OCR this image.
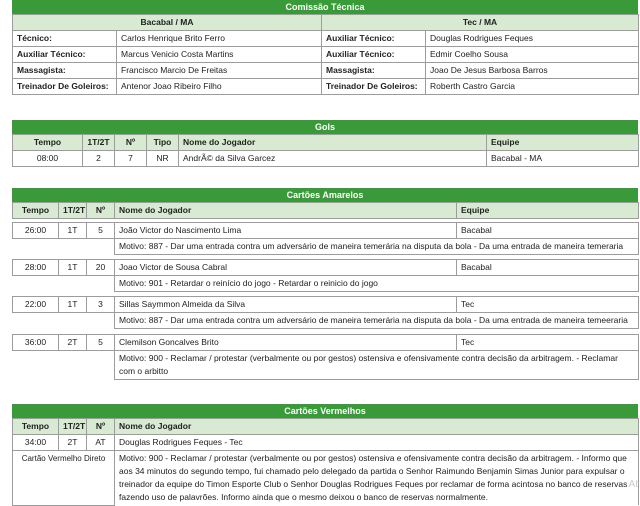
Comissão Técnica
Bacabal / MA		Tec / MA	
Técnico:	Carlos Henrique Brito Ferro	Auxiliar Técnico:	Douglas Rodrigues Feques
Auxiliar Técnico:	Marcus Venicio Costa Martins	Auxiliar Técnico:	Edmir Coelho Sousa
Massagista:	Francisco Marcio De Freitas	Massagista:	Joao De Jesus Barbosa Barros
Treinador De Goleiros:	Antenor Joao Ribeiro Filho	Treinador De Goleiros:	Roberth Castro Garcia
Gols
Tempo	1T/2T	Nº	Tipo	Nome do Jogador	Equipe
08:00	2	7	NR	AndrÃ© da Silva Garcez	Bacabal - MA
Cartões Amarelos
Tempo	1T/2T	Nº	Nome do Jogador	Equipe
26:00	1T	5	João Victor do Nascimento Lima	Bacabal
			Motivo: 887 - Dar uma entrada contra um adversário de maneira temerária na disputa da bola - Da uma entrada de maneira temeraria	
28:00	1T	20	Joao Victor de Sousa Cabral	Bacabal
			Motivo: 901 - Retardar o reinício do jogo - Retardar o reinicio do jogo	
22:00	1T	3	Sillas Saymmon Almeida da Silva	Tec
			Motivo: 887 - Dar uma entrada contra um adversário de maneira temerária na disputa da bola - Da uma entrada de maneira temeeraria	
36:00	2T	5	Clemilson Goncalves Brito	Tec
			Motivo: 900 - Reclamar / protestar (verbalmente ou por gestos) ostensiva e ofensivamente contra decisão da arbitragem. - Reclamar com o arbitto	
Cartões Vermelhos
Tempo	1T/2T	Nº	Nome do Jogador
34:00	2T	AT	Douglas Rodrigues Feques - Tec
Cartão Vermelho Direto			Motivo: 900 - Reclamar / protestar (verbalmente ou por gestos) ostensiva e ofensivamente contra decisão da arbitragem. - Informo que aos 34 minutos do segundo tempo, fui chamado pelo delegado da partida o Senhor Raimundo Benjamin Simas Junior para expulsar o treinador da equipe do Timon Esporte Club o Senhor Douglas Rodrigues Feques por reclamar de forma acintosa no banco de reservas fazendo uso de palavrões. Informo ainda que o mesmo deixou o banco de reservas normalmente.
At
